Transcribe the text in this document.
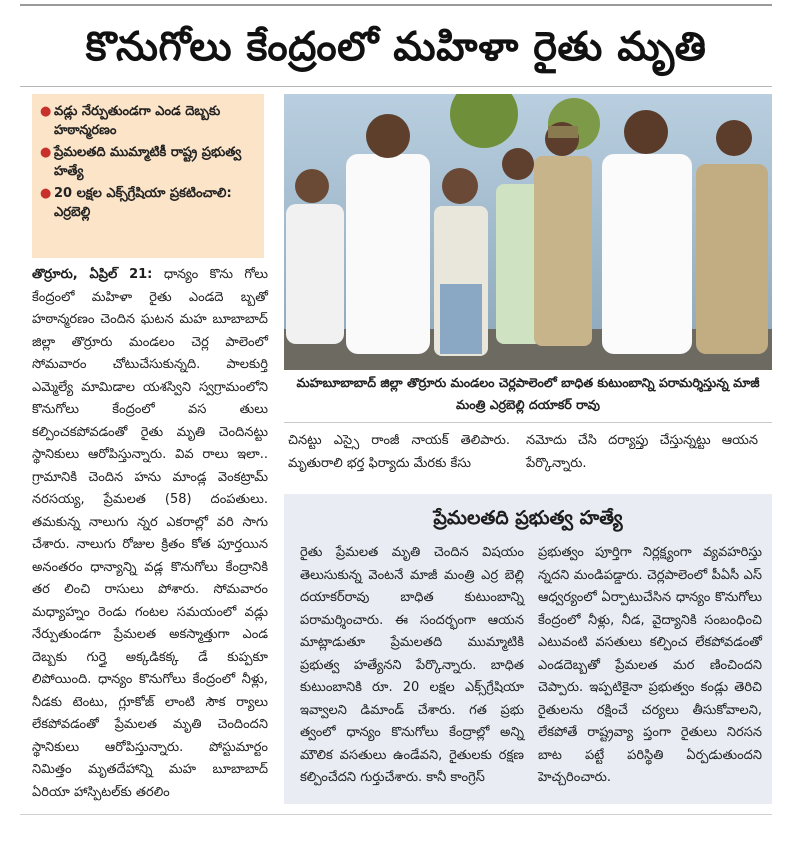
కొనుగోలు కేంద్రంలో మహిళా రైతు మృతి
● వడ్లు నేర్పుతుండగా ఎండ దెబ్బకు హఠాన్మరణం
● ప్రేమలతది ముమ్మాటికీ రాష్ట్ర ప్రభుత్వ హత్యే
● 20 లక్షల ఎక్స్‌గ్రేషియా ప్రకటించాలి: ఎర్రబెల్లి
మహబూబాబాద్ జిల్లా తొర్రూరు మండలం చెర్లపాలెంలో బాధిత కుటుంబాన్ని పరామర్శిస్తున్న మాజీ మంత్రి ఎర్రబెల్లి దయాకర్ రావు
తొర్రూరు, ఏప్రిల్ 21: ధాన్యం కొను గోలు కేంద్రంలో మహిళా రైతు ఎండదె బ్బతో హఠాన్మరణం చెందిన ఘటన మహ బూబాబాద్ జిల్లా తొర్రూరు మండలం చెర్ల పాలెంలో సోమవారం చోటుచేసుకున్నది. పాలకుర్తి ఎమ్మెల్యే మామిడాల యశస్విని స్వగ్రామంలోని కొనుగోలు కేంద్రంలో వస తులు కల్పించకపోవడంతో రైతు మృతి చెందినట్టు స్థానికులు ఆరోపిస్తున్నారు. వివ రాలు ఇలా.. గ్రామానికి చెందిన హను మాండ్ల వెంకట్రామ్ నరసయ్య, ప్రేమలత (58) దంపతులు. తమకున్న నాలుగు న్నర ఎకరాల్లో వరి సాగు చేశారు. నాలుగు రోజుల క్రితం కోత పూర్తయిన అనంతరం ధాన్యాన్ని వడ్ల కొనుగోలు కేంద్రానికి తర లించి రాసులు పోశారు. సోమవారం మధ్యాహ్నం రెండు గంటల సమయంలో వడ్లు నేర్పుతుండగా ప్రేమలత అకస్మాత్తుగా ఎండ దెబ్బకు గుర్తై అక్కడికక్క డే కుప్పకూ లిపోయింది. ధాన్యం కొనుగోలు కేంద్రంలో నీళ్లు, నీడకు టెంటు, గ్లూకోజ్ లాంటి సౌక ర్యాలు లేకపోవడంతో ప్రేమలత మృతి చెందిందని స్థానికులు ఆరోపిస్తున్నారు. పోస్టుమార్టం నిమిత్తం మృతదేహాన్ని మహ బూబాబాద్ ఏరియా హాస్పిటల్‌కు తరలిం
చినట్టు ఎస్సై రాంజీ నాయక్ తెలిపారు. మృతురాలి భర్త ఫిర్యాదు మేరకు కేసు
నమోదు చేసి దర్యాప్తు చేస్తున్నట్టు ఆయన పేర్కొన్నారు.
ప్రేమలతది ప్రభుత్వ హత్యే
రైతు ప్రేమలత మృతి చెందిన విషయం తెలుసుకున్న వెంటనే మాజీ మంత్రి ఎర్ర బెల్లి దయాకర్‌రావు బాధిత కుటుంబాన్ని పరామర్శించారు. ఈ సందర్భంగా ఆయన మాట్లాడుతూ ప్రేమలతది ముమ్మాటికి ప్రభుత్వ హత్యేనని పేర్కొన్నారు. బాధిత కుటుంబానికి రూ. 20 లక్షల ఎక్స్‌గ్రేషియా ఇవ్వాలని డిమాండ్ చేశారు. గత ప్రభు త్వంలో ధాన్యం కొనుగోలు కేంద్రాల్లో అన్ని మౌలిక వసతులు ఉండేవని, రైతులకు రక్షణ కల్పించేదని గుర్తుచేశారు. కానీ కాంగ్రెస్
ప్రభుత్వం పూర్తిగా నిర్లక్ష్యంగా వ్యవహరిస్తు న్నదని మండిపడ్డారు. చెర్లపాలెంలో పీఏసీ ఎస్ ఆధ్వర్యంలో ఏర్పాటుచేసిన ధాన్యం కొనుగోలు కేంద్రంలో నీళ్లు, నీడ, వైద్యానికి సంబంధించి ఎటువంటి వసతులు కల్పించ లేకపోవడంతో ఎండదెబ్బతో ప్రేమలత మర ణించిందని చెప్పారు. ఇప్పటికైనా ప్రభుత్వం కండ్లు తెరిచి రైతులను రక్షించే చర్యలు తీసుకోవాలని, లేకపోతే రాష్ట్రవ్యా ప్తంగా రైతులు నిరసన బాట పట్టే పరిస్థితి ఏర్పడుతుందని హెచ్చరించారు.
